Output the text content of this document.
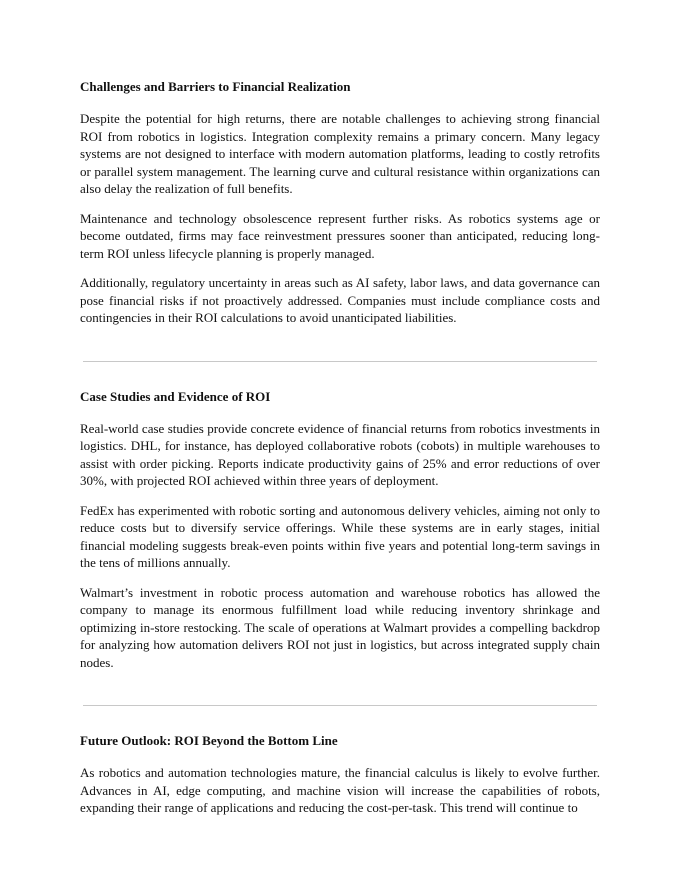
Challenges and Barriers to Financial Realization

Despite the potential for high returns, there are notable challenges to achieving strong financial ROI from robotics in logistics. Integration complexity remains a primary concern. Many legacy systems are not designed to interface with modern automation platforms, leading to costly retrofits or parallel system management. The learning curve and cultural resistance within organizations can also delay the realization of full benefits.

Maintenance and technology obsolescence represent further risks. As robotics systems age or become outdated, firms may face reinvestment pressures sooner than anticipated, reducing long-term ROI unless lifecycle planning is properly managed.

Additionally, regulatory uncertainty in areas such as AI safety, labor laws, and data governance can pose financial risks if not proactively addressed. Companies must include compliance costs and contingencies in their ROI calculations to avoid unanticipated liabilities.

Case Studies and Evidence of ROI

Real-world case studies provide concrete evidence of financial returns from robotics investments in logistics. DHL, for instance, has deployed collaborative robots (cobots) in multiple warehouses to assist with order picking. Reports indicate productivity gains of 25% and error reductions of over 30%, with projected ROI achieved within three years of deployment.

FedEx has experimented with robotic sorting and autonomous delivery vehicles, aiming not only to reduce costs but to diversify service offerings. While these systems are in early stages, initial financial modeling suggests break-even points within five years and potential long-term savings in the tens of millions annually.

Walmart’s investment in robotic process automation and warehouse robotics has allowed the company to manage its enormous fulfillment load while reducing inventory shrinkage and optimizing in-store restocking. The scale of operations at Walmart provides a compelling backdrop for analyzing how automation delivers ROI not just in logistics, but across integrated supply chain nodes.

Future Outlook: ROI Beyond the Bottom Line

As robotics and automation technologies mature, the financial calculus is likely to evolve further. Advances in AI, edge computing, and machine vision will increase the capabilities of robots, expanding their range of applications and reducing the cost-per-task. This trend will continue to
